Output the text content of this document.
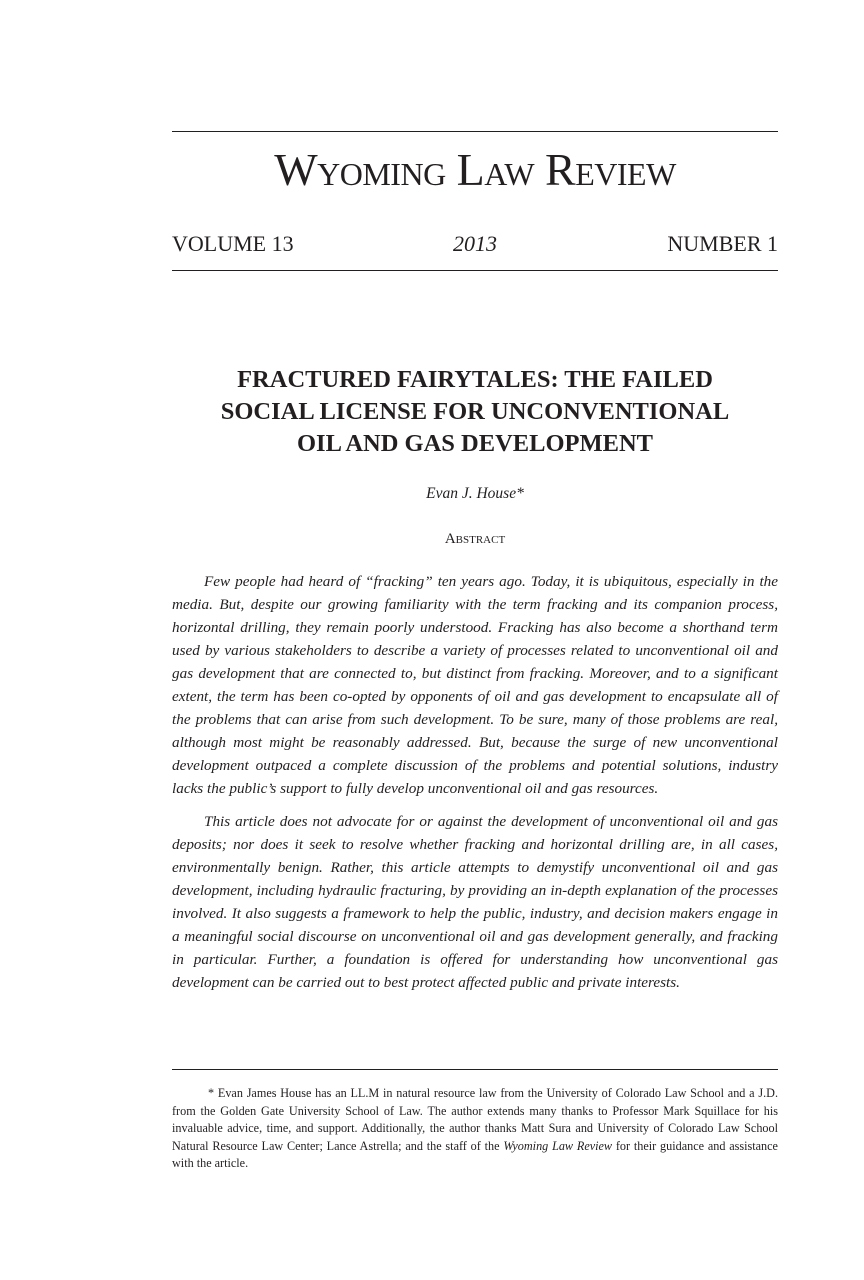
Wyoming Law Review
VOLUME 13	2013	NUMBER 1
FRACTURED FAIRYTALES: THE FAILED
SOCIAL LICENSE FOR UNCONVENTIONAL
OIL AND GAS DEVELOPMENT
Evan J. House*
Abstract

Few people had heard of “fracking” ten years ago. Today, it is ubiquitous, especially in the media. But, despite our growing familiarity with the term fracking and its companion process, horizontal drilling, they remain poorly understood. Fracking has also become a shorthand term used by various stakeholders to describe a variety of processes related to unconventional oil and gas development that are connected to, but distinct from fracking. Moreover, and to a significant extent, the term has been co-opted by opponents of oil and gas development to encapsulate all of the problems that can arise from such development. To be sure, many of those problems are real, although most might be reasonably addressed. But, because the surge of new unconventional development outpaced a complete discussion of the problems and potential solutions, industry lacks the public’s support to fully develop unconventional oil and gas resources.

This article does not advocate for or against the development of unconventional oil and gas deposits; nor does it seek to resolve whether fracking and horizontal drilling are, in all cases, environmentally benign. Rather, this article attempts to demystify unconventional oil and gas development, including hydraulic fracturing, by providing an in-depth explanation of the processes involved. It also suggests a framework to help the public, industry, and decision makers engage in a meaningful social discourse on unconventional oil and gas development generally, and fracking in particular. Further, a foundation is offered for understanding how unconventional gas development can be carried out to best protect affected public and private interests.

* Evan James House has an LL.M in natural resource law from the University of Colorado Law School and a J.D. from the Golden Gate University School of Law. The author extends many thanks to Professor Mark Squillace for his invaluable advice, time, and support. Additionally, the author thanks Matt Sura and University of Colorado Law School Natural Resource Law Center; Lance Astrella; and the staff of the Wyoming Law Review for their guidance and assistance with the article.
